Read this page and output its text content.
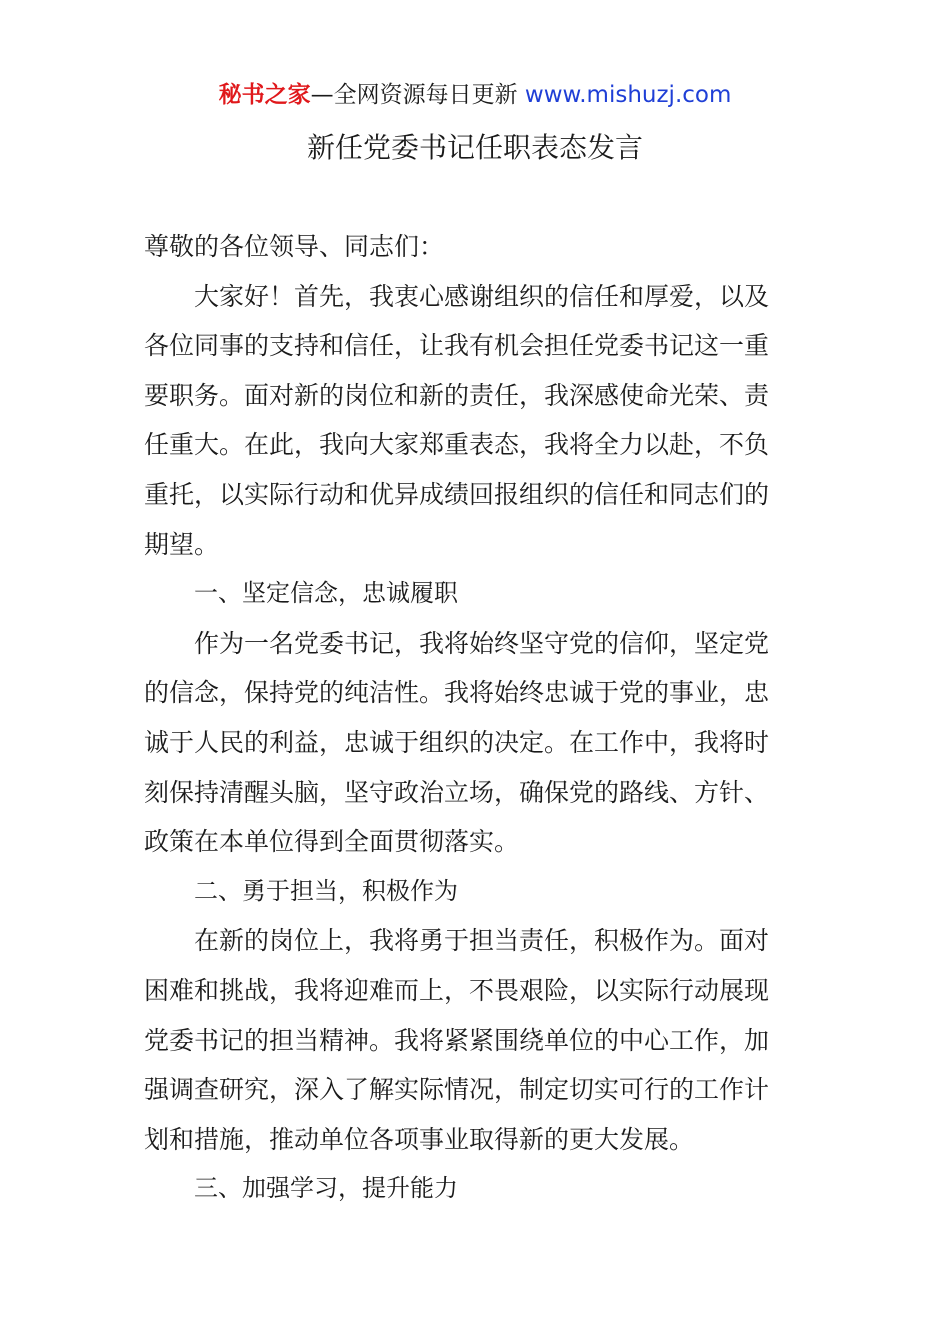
秘书之家—全网资源每日更新 www.mishuzj.com
新任党委书记任职表态发言
尊敬的各位领导、同志们：
大家好！首先，我衷心感谢组织的信任和厚爱，以及
各位同事的支持和信任，让我有机会担任党委书记这一重
要职务。面对新的岗位和新的责任，我深感使命光荣、责
任重大。在此，我向大家郑重表态，我将全力以赴，不负
重托，以实际行动和优异成绩回报组织的信任和同志们的
期望。
一、坚定信念，忠诚履职
作为一名党委书记，我将始终坚守党的信仰，坚定党
的信念，保持党的纯洁性。我将始终忠诚于党的事业，忠
诚于人民的利益，忠诚于组织的决定。在工作中，我将时
刻保持清醒头脑，坚守政治立场，确保党的路线、方针、
政策在本单位得到全面贯彻落实。
二、勇于担当，积极作为
在新的岗位上，我将勇于担当责任，积极作为。面对
困难和挑战，我将迎难而上，不畏艰险，以实际行动展现
党委书记的担当精神。我将紧紧围绕单位的中心工作，加
强调查研究，深入了解实际情况，制定切实可行的工作计
划和措施，推动单位各项事业取得新的更大发展。
三、加强学习，提升能力
